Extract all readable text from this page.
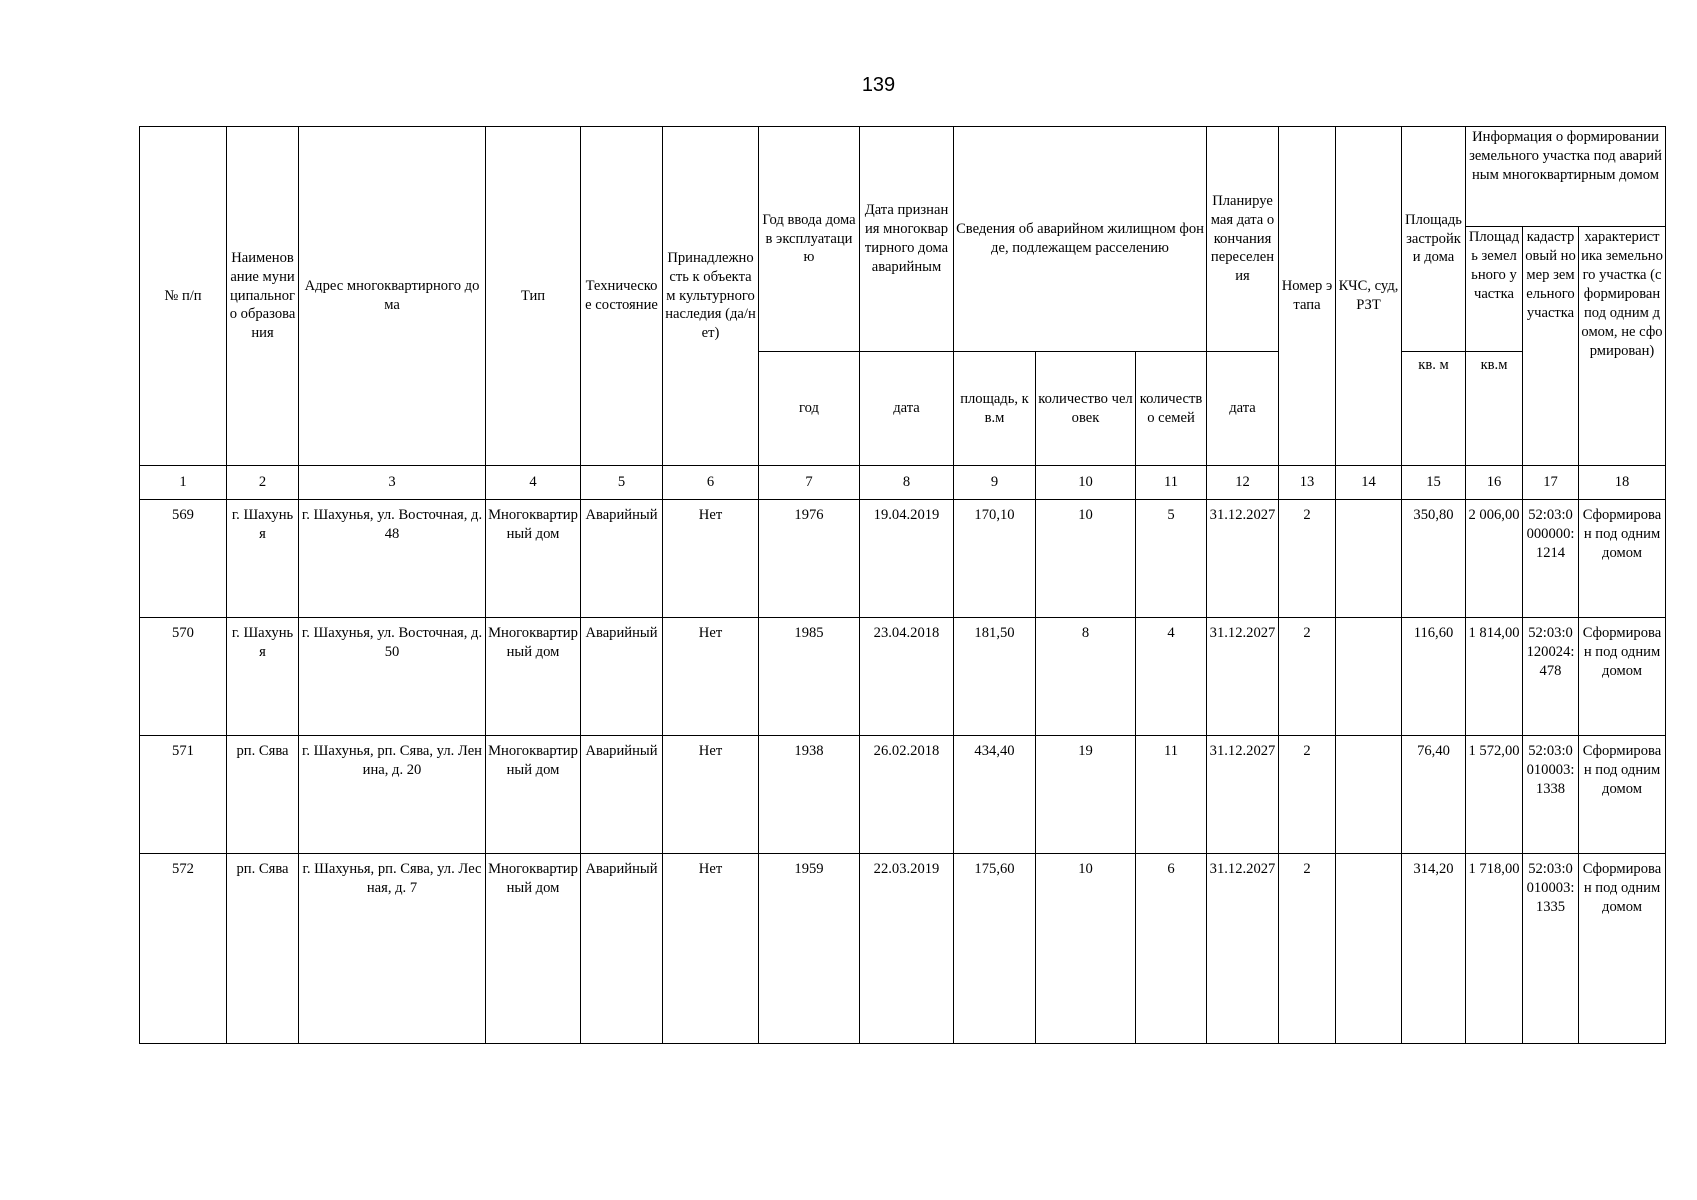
139
№ п/п	Наименование муниципального образования	Адрес многоквартирного дома	Тип	Техническое состояние	Принадлежность к объектам культурного наследия (да/нет)	Год ввода дома в эксплуатацию	Дата признания многоквартирного дома аварийным	Сведения об аварийном жилищном фонде, подлежащем расселению			Планируемая дата окончания переселения	Номер этапа	КЧС, суд, РЗТ	Площадь застройки дома	Информация о формировании земельного участка под аварийным многоквартирным домом		
															Площадь земельного участка	кадастровый номер земельного участка	характеристика земельного участка (сформирован под одним домом, не сформирован)
						год	дата	площадь, кв.м	количество человек	количество семей	дата			кв. м	кв.м		
1	2	3	4	5	6	7	8	9	10	11	12	13	14	15	16	17	18
569	г. Шахунья	г. Шахунья, ул. Восточная, д. 48	Многоквартирный дом	Аварийный	Нет	1976	19.04.2019	170,10	10	5	31.12.2027	2		350,80	2 006,00	52:03:0000000:1214	Сформирован под одним домом
570	г. Шахунья	г. Шахунья, ул. Восточная, д. 50	Многоквартирный дом	Аварийный	Нет	1985	23.04.2018	181,50	8	4	31.12.2027	2		116,60	1 814,00	52:03:0120024:478	Сформирован под одним домом
571	рп. Сява	г. Шахунья, рп. Сява, ул. Ленина, д. 20	Многоквартирный дом	Аварийный	Нет	1938	26.02.2018	434,40	19	11	31.12.2027	2		76,40	1 572,00	52:03:0010003:1338	Сформирован под одним домом
572	рп. Сява	г. Шахунья, рп. Сява, ул. Лесная, д. 7	Многоквартирный дом	Аварийный	Нет	1959	22.03.2019	175,60	10	6	31.12.2027	2		314,20	1 718,00	52:03:0010003:1335	Сформирован под одним домом
